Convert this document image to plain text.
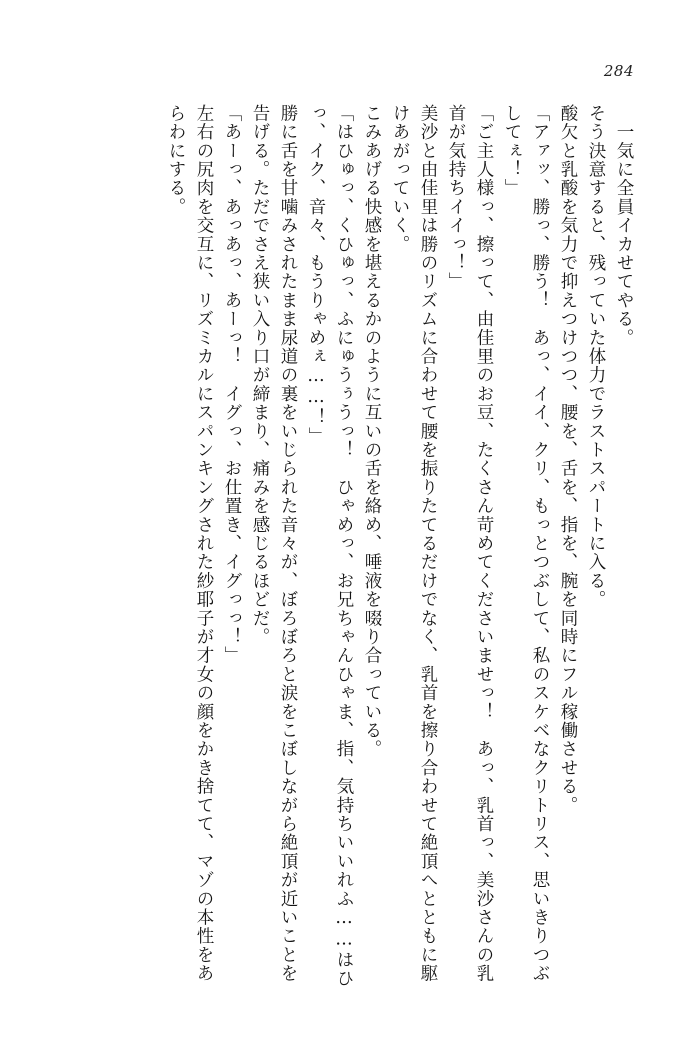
284
　一気に全員イカせてやる。
そう決意すると、残っていた体力でラストスパートに入る。
酸欠と乳酸を気力で抑えつけつつ、腰を、舌を、指を、腕を同時にフル稼働させる。
「アァッ、勝っ、勝う！　あっ、イイ、クリ、もっとつぶして、私のスケベなクリトリス、思いきりつぶしてぇ！」
「ご主人様っ、擦って、由佳里のお豆、たくさん苛めてくださいませっ！　あっ、乳首っ、美沙さんの乳首が気持ちイイっ！」
美沙と由佳里は勝のリズムに合わせて腰を振りたてるだけでなく、乳首を擦り合わせて絶頂へとともに駆けあがっていく。
こみあげる快感を堪えるかのように互いの舌を絡め、唾液を啜り合っている。
「はひゅっ、くひゅっ、ふにゅうぅうっ！　ひゃめっ、お兄ちゃんひゃま、指、気持ちいいれふ……はひっ、イク、音々、もうりゃめぇ……！」
勝に舌を甘噛みされたまま尿道の裏をいじられた音々が、ぼろぼろと涙をこぼしながら絶頂が近いことを告げる。ただでさえ狭い入り口が締まり、痛みを感じるほどだ。
「あーっ、あっあっ、あーっ！　イグっ、お仕置き、イグっっ！」
左右の尻肉を交互に、リズミカルにスパンキングされた紗耶子が才女の顔をかき捨てて、マゾの本性をあらわにする。
